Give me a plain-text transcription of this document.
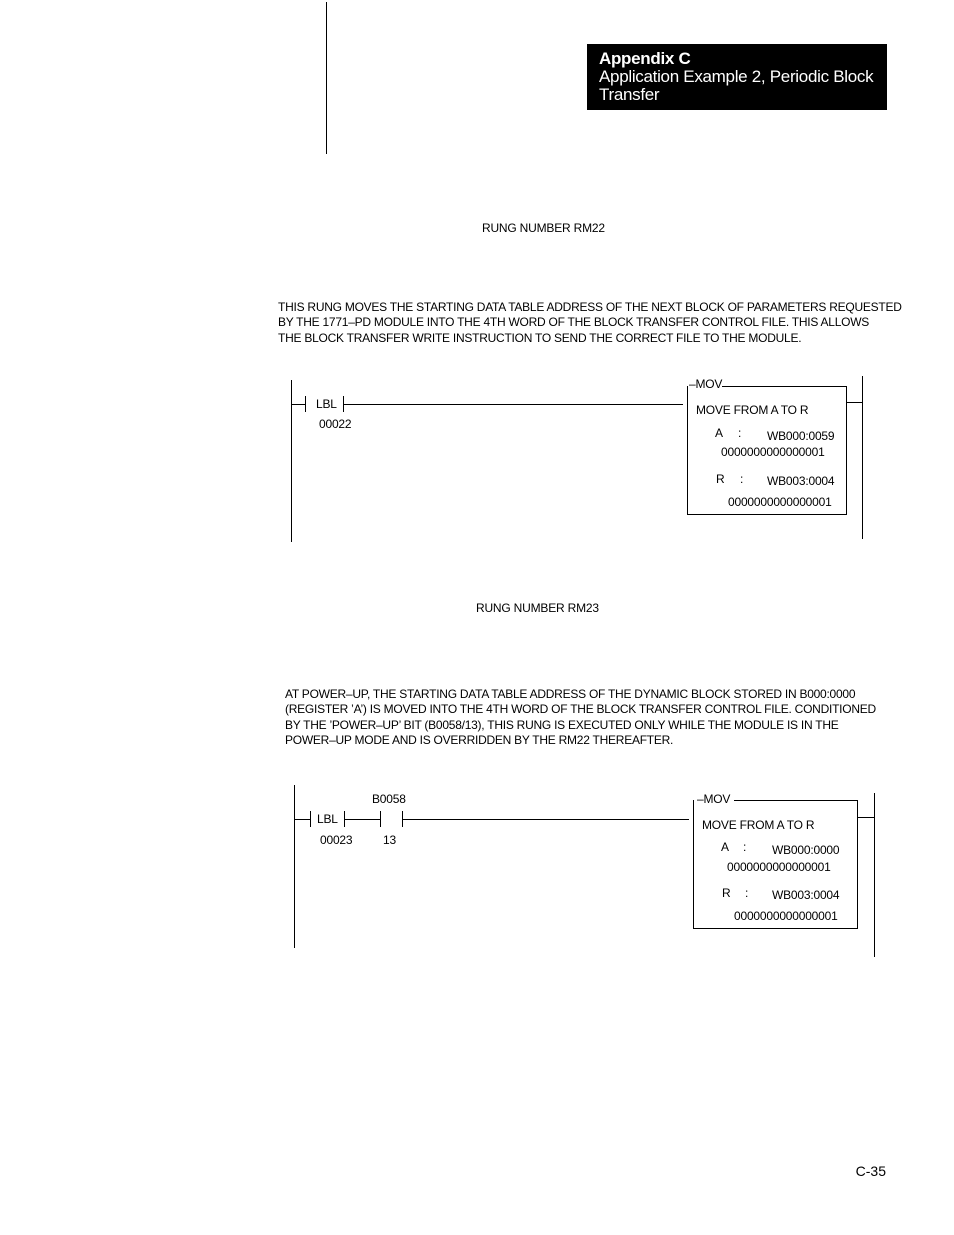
Appendix C
Application Example 2, Periodic Block
Transfer
RUNG NUMBER RM22
THIS RUNG MOVES THE STARTING DATA TABLE ADDRESS OF THE NEXT BLOCK OF PARAMETERS REQUESTED
BY THE 1771–PD MODULE INTO THE 4TH WORD OF THE BLOCK TRANSFER CONTROL FILE. THIS ALLOWS
THE BLOCK TRANSFER WRITE INSTRUCTION TO SEND THE CORRECT FILE TO THE MODULE.
LBL
00022
–MOV
MOVE FROM A TO R
A : WB000:0059
0000000000000001
R : WB003:0004
0000000000000001
RUNG NUMBER RM23
AT POWER–UP, THE STARTING DATA TABLE ADDRESS OF THE DYNAMIC BLOCK STORED IN B000:0000
(REGISTER ’A’) IS MOVED INTO THE 4TH WORD OF THE BLOCK TRANSFER CONTROL FILE. CONDITIONED
BY THE ’POWER–UP’ BIT (B0058/13), THIS RUNG IS EXECUTED ONLY WHILE THE MODULE IS IN THE
POWER–UP MODE AND IS OVERRIDDEN BY THE RM22 THEREAFTER.
LBL
00023
B0058
13
–MOV
MOVE FROM A TO R
A : WB000:0000
0000000000000001
R : WB003:0004
0000000000000001
C-35
